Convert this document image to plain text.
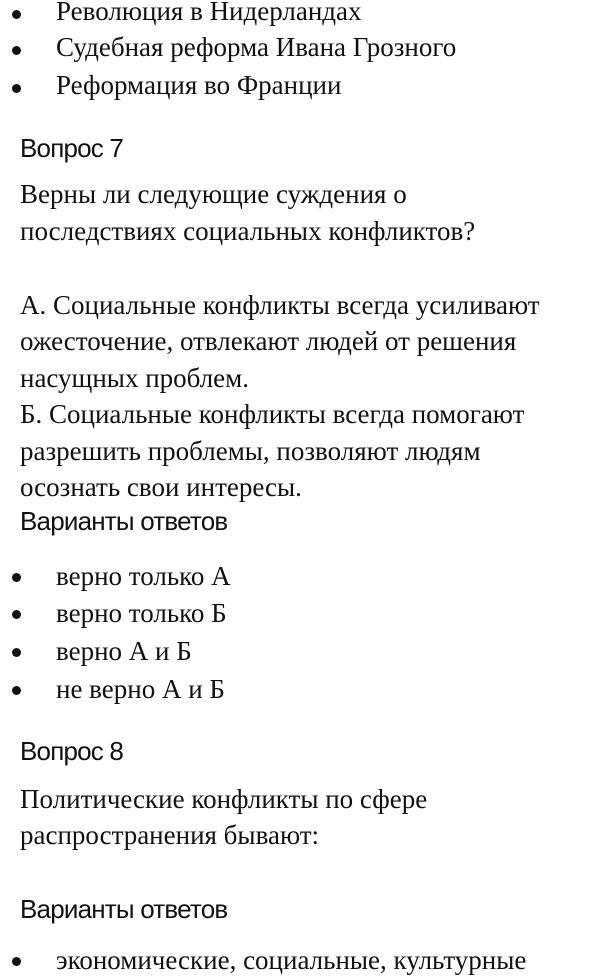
Революция в Нидерландах
Судебная реформа Ивана Грозного
Реформация во Франции
Вопрос 7
Верны ли следующие суждения о
последствиях социальных конфликтов?
А. Социальные конфликты всегда усиливают
ожесточение, отвлекают людей от решения
насущных проблем.
Б. Социальные конфликты всегда помогают
разрешить проблемы, позволяют людям
осознать свои интересы.
Варианты ответов
верно только А
верно только Б
верно А и Б
не верно А и Б
Вопрос 8
Политические конфликты по сфере
распространения бывают:
Варианты ответов
экономические, социальные, культурные
